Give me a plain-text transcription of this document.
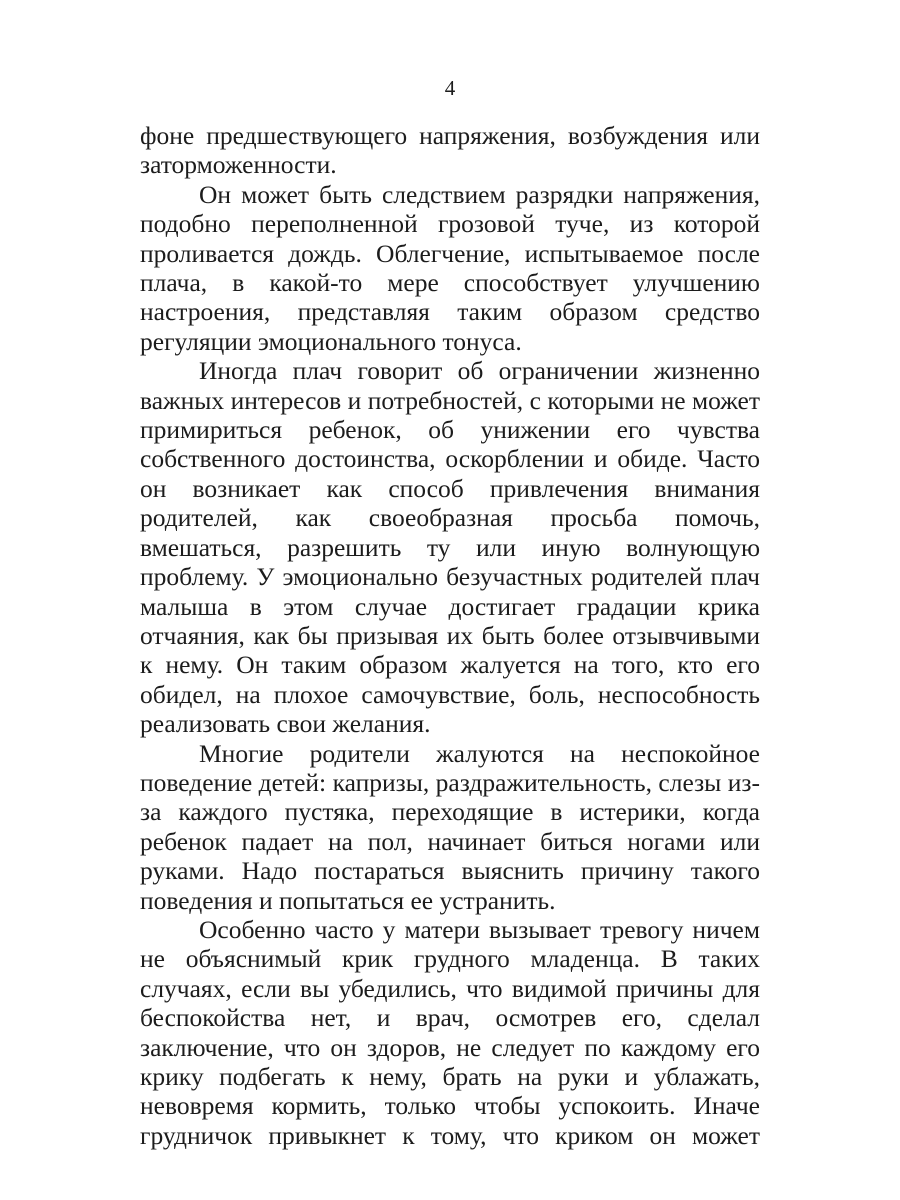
4

фоне предшествующего напряжения, возбуждения или заторможенности.

Он может быть следствием разрядки напряжения, подобно переполненной грозовой туче, из которой проливается дождь. Облегчение, испытываемое после плача, в какой-то мере способствует улучшению настроения, представляя таким образом средство регуляции эмоционального тонуса.

Иногда плач говорит об ограничении жизненно важных интересов и потребностей, с которыми не может примириться ребенок, об унижении его чувства собственного достоинства, оскорблении и обиде. Часто он возникает как способ привлечения внимания родителей, как своеобразная просьба помочь, вмешаться, разрешить ту или иную волнующую проблему. У эмоционально безучастных родителей плач малыша в этом случае достигает градации крика отчаяния, как бы призывая их быть более отзывчивыми к нему. Он таким образом жалуется на того, кто его обидел, на плохое самочувствие, боль, неспособность реализовать свои желания.

Многие родители жалуются на неспокойное поведение детей: капризы, раздражительность, слезы из-за каждого пустяка, переходящие в истерики, когда ребенок падает на пол, начинает биться ногами или руками. Надо постараться выяснить причину такого поведения и попытаться ее устранить.

Особенно часто у матери вызывает тревогу ничем не объяснимый крик грудного младенца. В таких случаях, если вы убедились, что видимой причины для беспокойства нет, и врач, осмотрев его, сделал заключение, что он здоров, не следует по каждому его крику подбегать к нему, брать на руки и ублажать, невовремя кормить, только чтобы успокоить. Иначе грудничок привыкнет к тому, что криком он может
